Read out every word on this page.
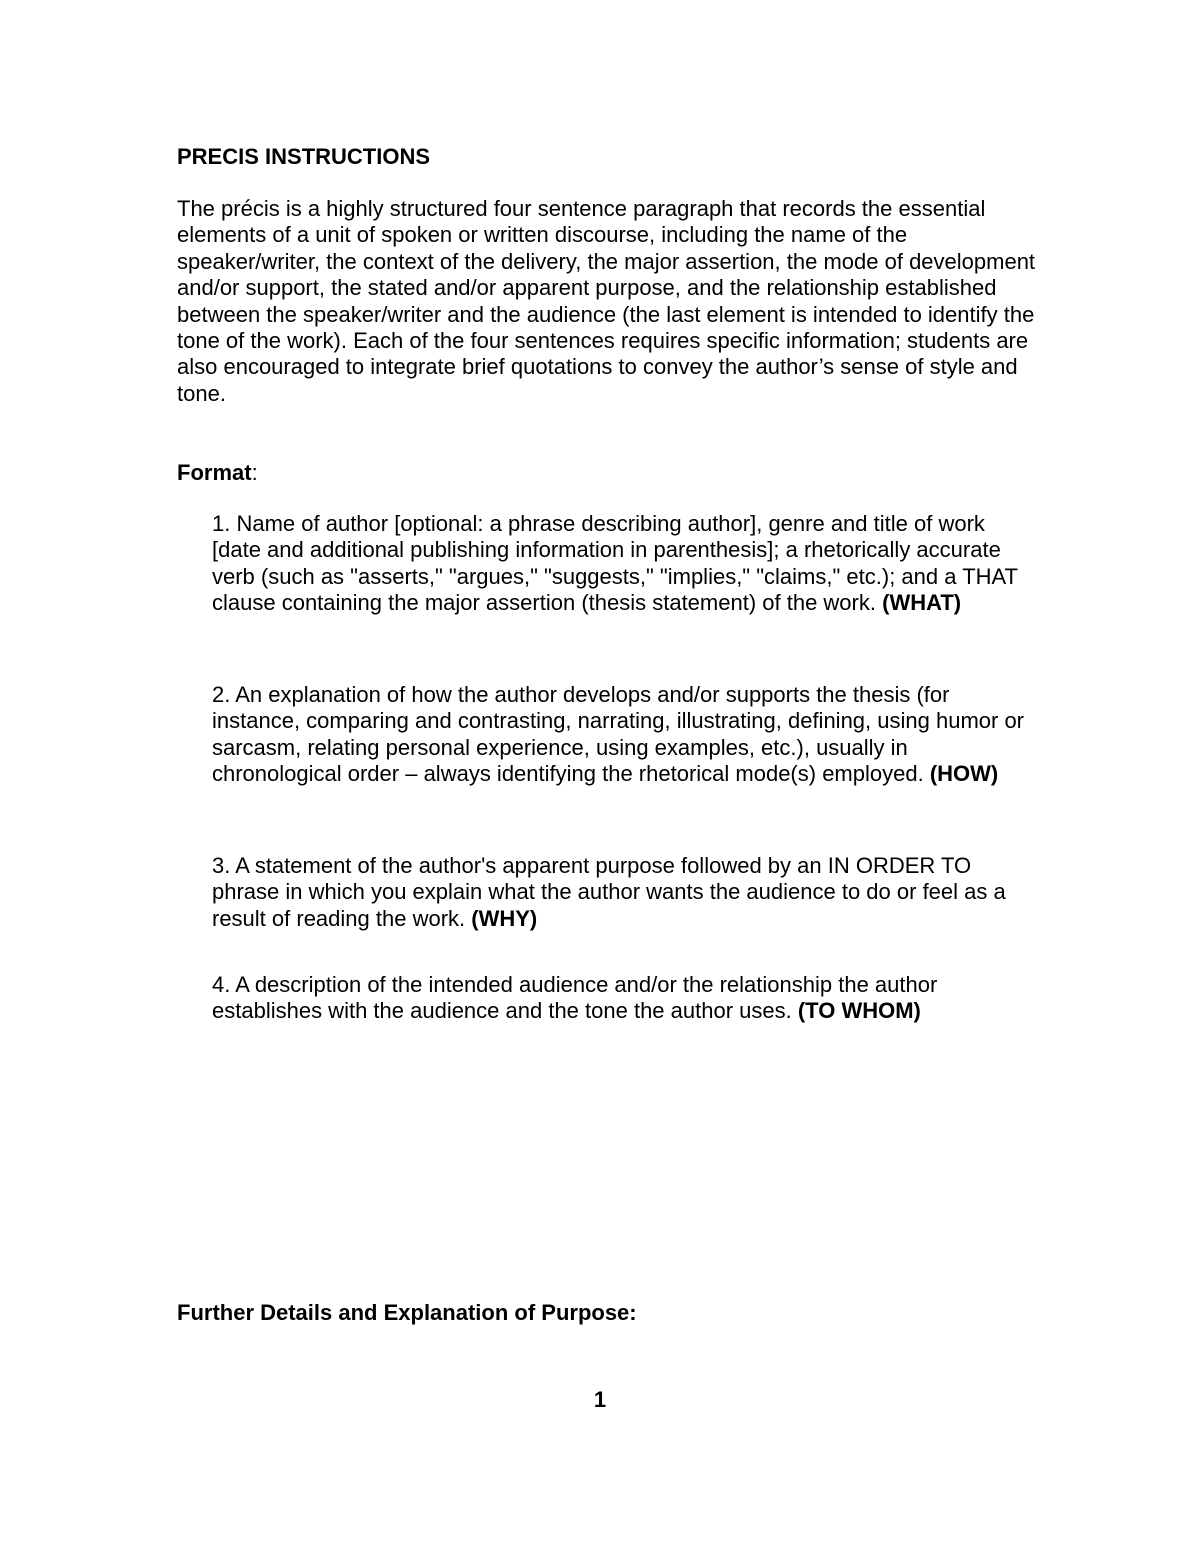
PRECIS INSTRUCTIONS

The précis is a highly structured four sentence paragraph that records the essential elements of a unit of spoken or written discourse, including the name of the speaker/writer, the context of the delivery, the major assertion, the mode of development and/or support, the stated and/or apparent purpose, and the relationship established between the speaker/writer and the audience (the last element is intended to identify the tone of the work). Each of the four sentences requires specific information; students are also encouraged to integrate brief quotations to convey the author’s sense of style and tone.

Format:

1. Name of author [optional: a phrase describing author], genre and title of work [date and additional publishing information in parenthesis]; a rhetorically accurate verb (such as "asserts," "argues," "suggests," "implies," "claims," etc.); and a THAT clause containing the major assertion (thesis statement) of the work. (WHAT)

2. An explanation of how the author develops and/or supports the thesis (for instance, comparing and contrasting, narrating, illustrating, defining, using humor or sarcasm, relating personal experience, using examples, etc.), usually in chronological order – always identifying the rhetorical mode(s) employed. (HOW)

3. A statement of the author's apparent purpose followed by an IN ORDER TO phrase in which you explain what the author wants the audience to do or feel as a result of reading the work. (WHY)

4. A description of the intended audience and/or the relationship the author establishes with the audience and the tone the author uses. (TO WHOM)

Further Details and Explanation of Purpose:

1
